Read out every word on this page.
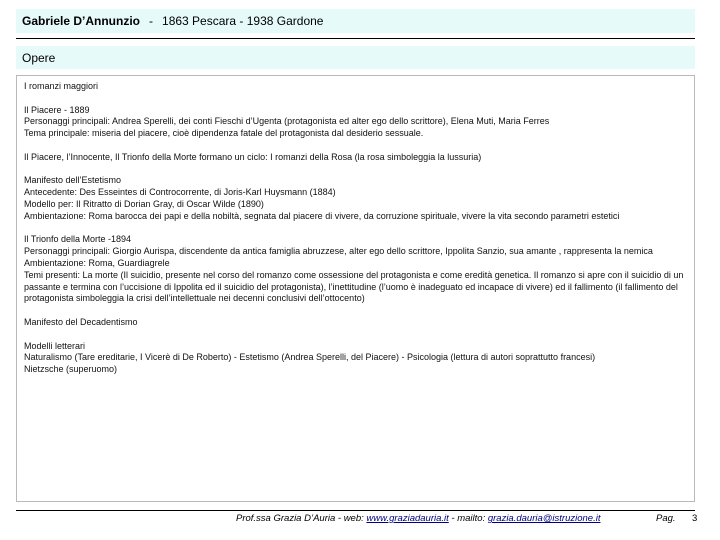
Gabriele D’Annunzio - 1863 Pescara - 1938 Gardone
Opere

I romanzi maggiori

Il Piacere - 1889
Personaggi principali: Andrea Sperelli, dei conti Fieschi d’Ugenta (protagonista ed alter ego dello scrittore), Elena Muti, Maria Ferres
Tema principale: miseria del piacere, cioè dipendenza fatale del protagonista dal desiderio sessuale.

Il Piacere, l’Innocente, Il Trionfo della Morte formano un ciclo: I romanzi della Rosa (la rosa simboleggia la lussuria)

Manifesto dell’Estetismo
Antecedente: Des Esseintes di Controcorrente, di Joris-Karl Huysmann (1884)
Modello per: Il Ritratto di Dorian Gray, di Oscar Wilde (1890)
Ambientazione: Roma barocca dei papi e della nobiltà, segnata dal piacere di vivere, da corruzione spirituale, vivere la vita secondo parametri estetici

Il Trionfo della Morte -1894
Personaggi principali: Giorgio Aurispa, discendente da antica famiglia abruzzese, alter ego dello scrittore, Ippolita Sanzio, sua amante , rappresenta la nemica
Ambientazione: Roma, Guardiagrele
Temi presenti: La morte (Il suicidio, presente nel corso del romanzo come ossessione del protagonista e come eredità genetica. Il romanzo si apre con il suicidio di un passante e termina con l’uccisione di Ippolita ed il suicidio del protagonista), l’inettitudine (l’uomo è inadeguato ed incapace di vivere) ed il fallimento (il fallimento del protagonista simboleggia la crisi dell’intellettuale nei decenni conclusivi dell’ottocento)

Manifesto del Decadentismo

Modelli letterari
Naturalismo (Tare ereditarie, I Vicerè di De Roberto) - Estetismo (Andrea Sperelli, del Piacere) - Psicologia (lettura di autori soprattutto francesi)
Nietzsche (superuomo)

Prof.ssa Grazia D’Auria - web: www.graziadauria.it - mailto: grazia.dauria@istruzione.it	Pag. 3
